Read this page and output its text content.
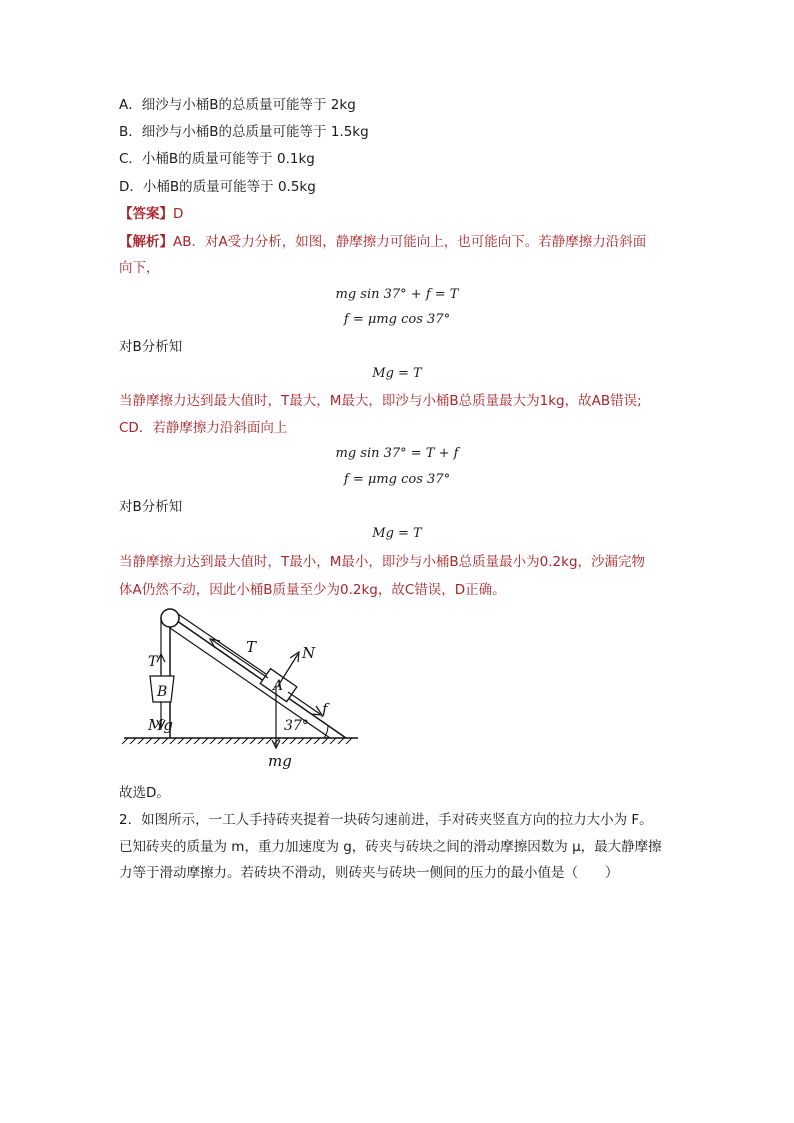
A．细沙与小桶B的总质量可能等于 2kg
B．细沙与小桶B的总质量可能等于 1.5kg
C．小桶B的质量可能等于 0.1kg
D．小桶B的质量可能等于 0.5kg
【答案】D
【解析】AB．对A受力分析，如图，静摩擦力可能向上，也可能向下。若静摩擦力沿斜面
向下，
mg sin 37° + f = T
f = μmg cos 37°
对B分析知
Mg = T
当静摩擦力达到最大值时，T最大，M最大，即沙与小桶B总质量最大为1kg，故AB错误;
CD．若静摩擦力沿斜面向上
mg sin 37° = T + f
f = μmg cos 37°
对B分析知
Mg = T
当静摩擦力达到最大值时，T最小，M最小，即沙与小桶B总质量最小为0.2kg，沙漏完物
体A仍然不动，因此小桶B质量至少为0.2kg，故C错误，D正确。
T
B
Mg
T	N
A
f
37°
mg
故选D。
2．如图所示，一工人手持砖夹提着一块砖匀速前进，手对砖夹竖直方向的拉力大小为 F。
已知砖夹的质量为 m，重力加速度为 g，砖夹与砖块之间的滑动摩擦因数为 μ，最大静摩擦
力等于滑动摩擦力。若砖块不滑动，则砖夹与砖块一侧间的压力的最小值是（　　）
